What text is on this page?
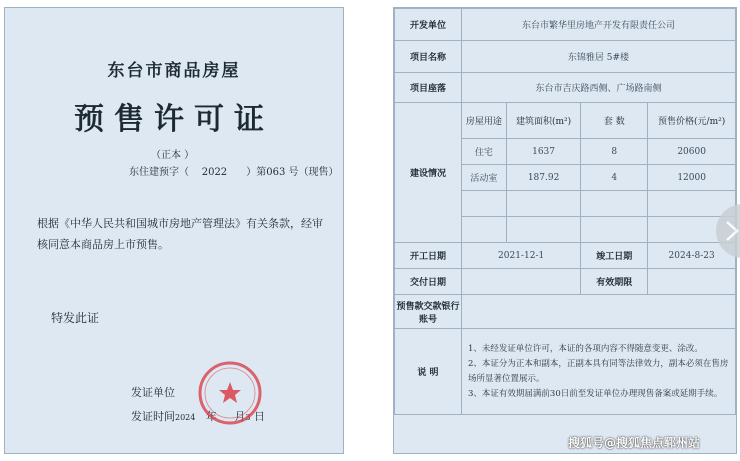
东台市商品房屋
预售许可证
（正本 ）
东住建预字（    2022      ）第063 号（现售）
根据《中华人民共和国城市房地产管理法》有关条款，经审核同意本商品房上市预售。
特发此证
发证单位
发证时间2024 年 月3 日
开发单位	东台市繁华里房地产开发有限责任公司			
项目名称	东锦雅居 5#楼			
项目座落	东台市吉庆路西侧、广场路南侧			
建设情况	房屋用途	建筑面积(m²)	套 数	预售价格(元/m²)
	住宅	1637	8	20600
	活动室	187.92	4	12000

开工日期	2021-12-1		竣工日期	2024-8-23
交付日期			有效期限	
预售款交款银行账号				
说 明	1、未经发证单位许可，本证的各项内容不得随意变更、涂改。
2、本证分为正本和副本，正副本具有同等法律效力，副本必须在售房场所显著位置展示。
3、本证有效期届满前30日前至发证单位办理现售备案或延期手续。			
搜狐号@搜狐焦点郓州站
